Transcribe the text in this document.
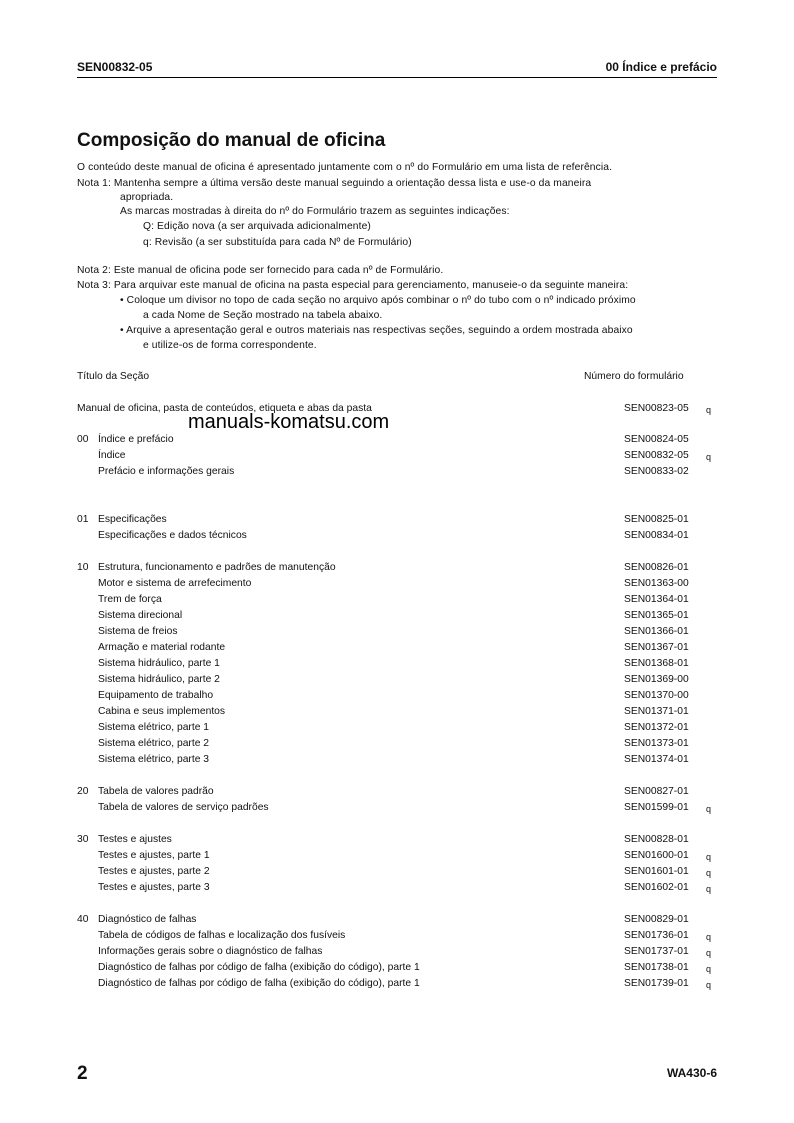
SEN00832-05	00 Índice e prefácio
Composição do manual de oficina
O conteúdo deste manual de oficina é apresentado juntamente com o nº do Formulário em uma lista de referência.
Nota 1: Mantenha sempre a última versão deste manual seguindo a orientação dessa lista e use-o da maneira
apropriada.
As marcas mostradas à direita do nº do Formulário trazem as seguintes indicações:
Q: Edição nova (a ser arquivada adicionalmente)
q: Revisão (a ser substituída para cada Nº de Formulário)
Nota 2: Este manual de oficina pode ser fornecido para cada nº de Formulário.
Nota 3: Para arquivar este manual de oficina na pasta especial para gerenciamento, manuseie-o da seguinte maneira:
• Coloque um divisor no topo de cada seção no arquivo após combinar o nº do tubo com o nº indicado próximo
a cada Nome de Seção mostrado na tabela abaixo.
• Arquive a apresentação geral e outros materiais nas respectivas seções, seguindo a ordem mostrada abaixo
e utilize-os de forma correspondente.
Título da Seção	Número do formulário
manuals-komatsu.com
Manual de oficina, pasta de conteúdos, etiqueta e abas da pasta	SEN00823-05 q
00 Índice e prefácio	SEN00824-05
Índice	SEN00832-05 q
Prefácio e informações gerais	SEN00833-02
01 Especificações	SEN00825-01
Especificações e dados técnicos	SEN00834-01
10 Estrutura, funcionamento e padrões de manutenção	SEN00826-01
Motor e sistema de arrefecimento	SEN01363-00
Trem de força	SEN01364-01
Sistema direcional	SEN01365-01
Sistema de freios	SEN01366-01
Armação e material rodante	SEN01367-01
Sistema hidráulico, parte 1	SEN01368-01
Sistema hidráulico, parte 2	SEN01369-00
Equipamento de trabalho	SEN01370-00
Cabina e seus implementos	SEN01371-01
Sistema elétrico, parte 1	SEN01372-01
Sistema elétrico, parte 2	SEN01373-01
Sistema elétrico, parte 3	SEN01374-01
20 Tabela de valores padrão	SEN00827-01
Tabela de valores de serviço padrões	SEN01599-01 q
30 Testes e ajustes	SEN00828-01
Testes e ajustes, parte 1	SEN01600-01 q
Testes e ajustes, parte 2	SEN01601-01 q
Testes e ajustes, parte 3	SEN01602-01 q
40 Diagnóstico de falhas	SEN00829-01
Tabela de códigos de falhas e localização dos fusíveis	SEN01736-01 q
Informações gerais sobre o diagnóstico de falhas	SEN01737-01 q
Diagnóstico de falhas por código de falha (exibição do código), parte 1	SEN01738-01 q
Diagnóstico de falhas por código de falha (exibição do código), parte 1	SEN01739-01 q
2	WA430-6
